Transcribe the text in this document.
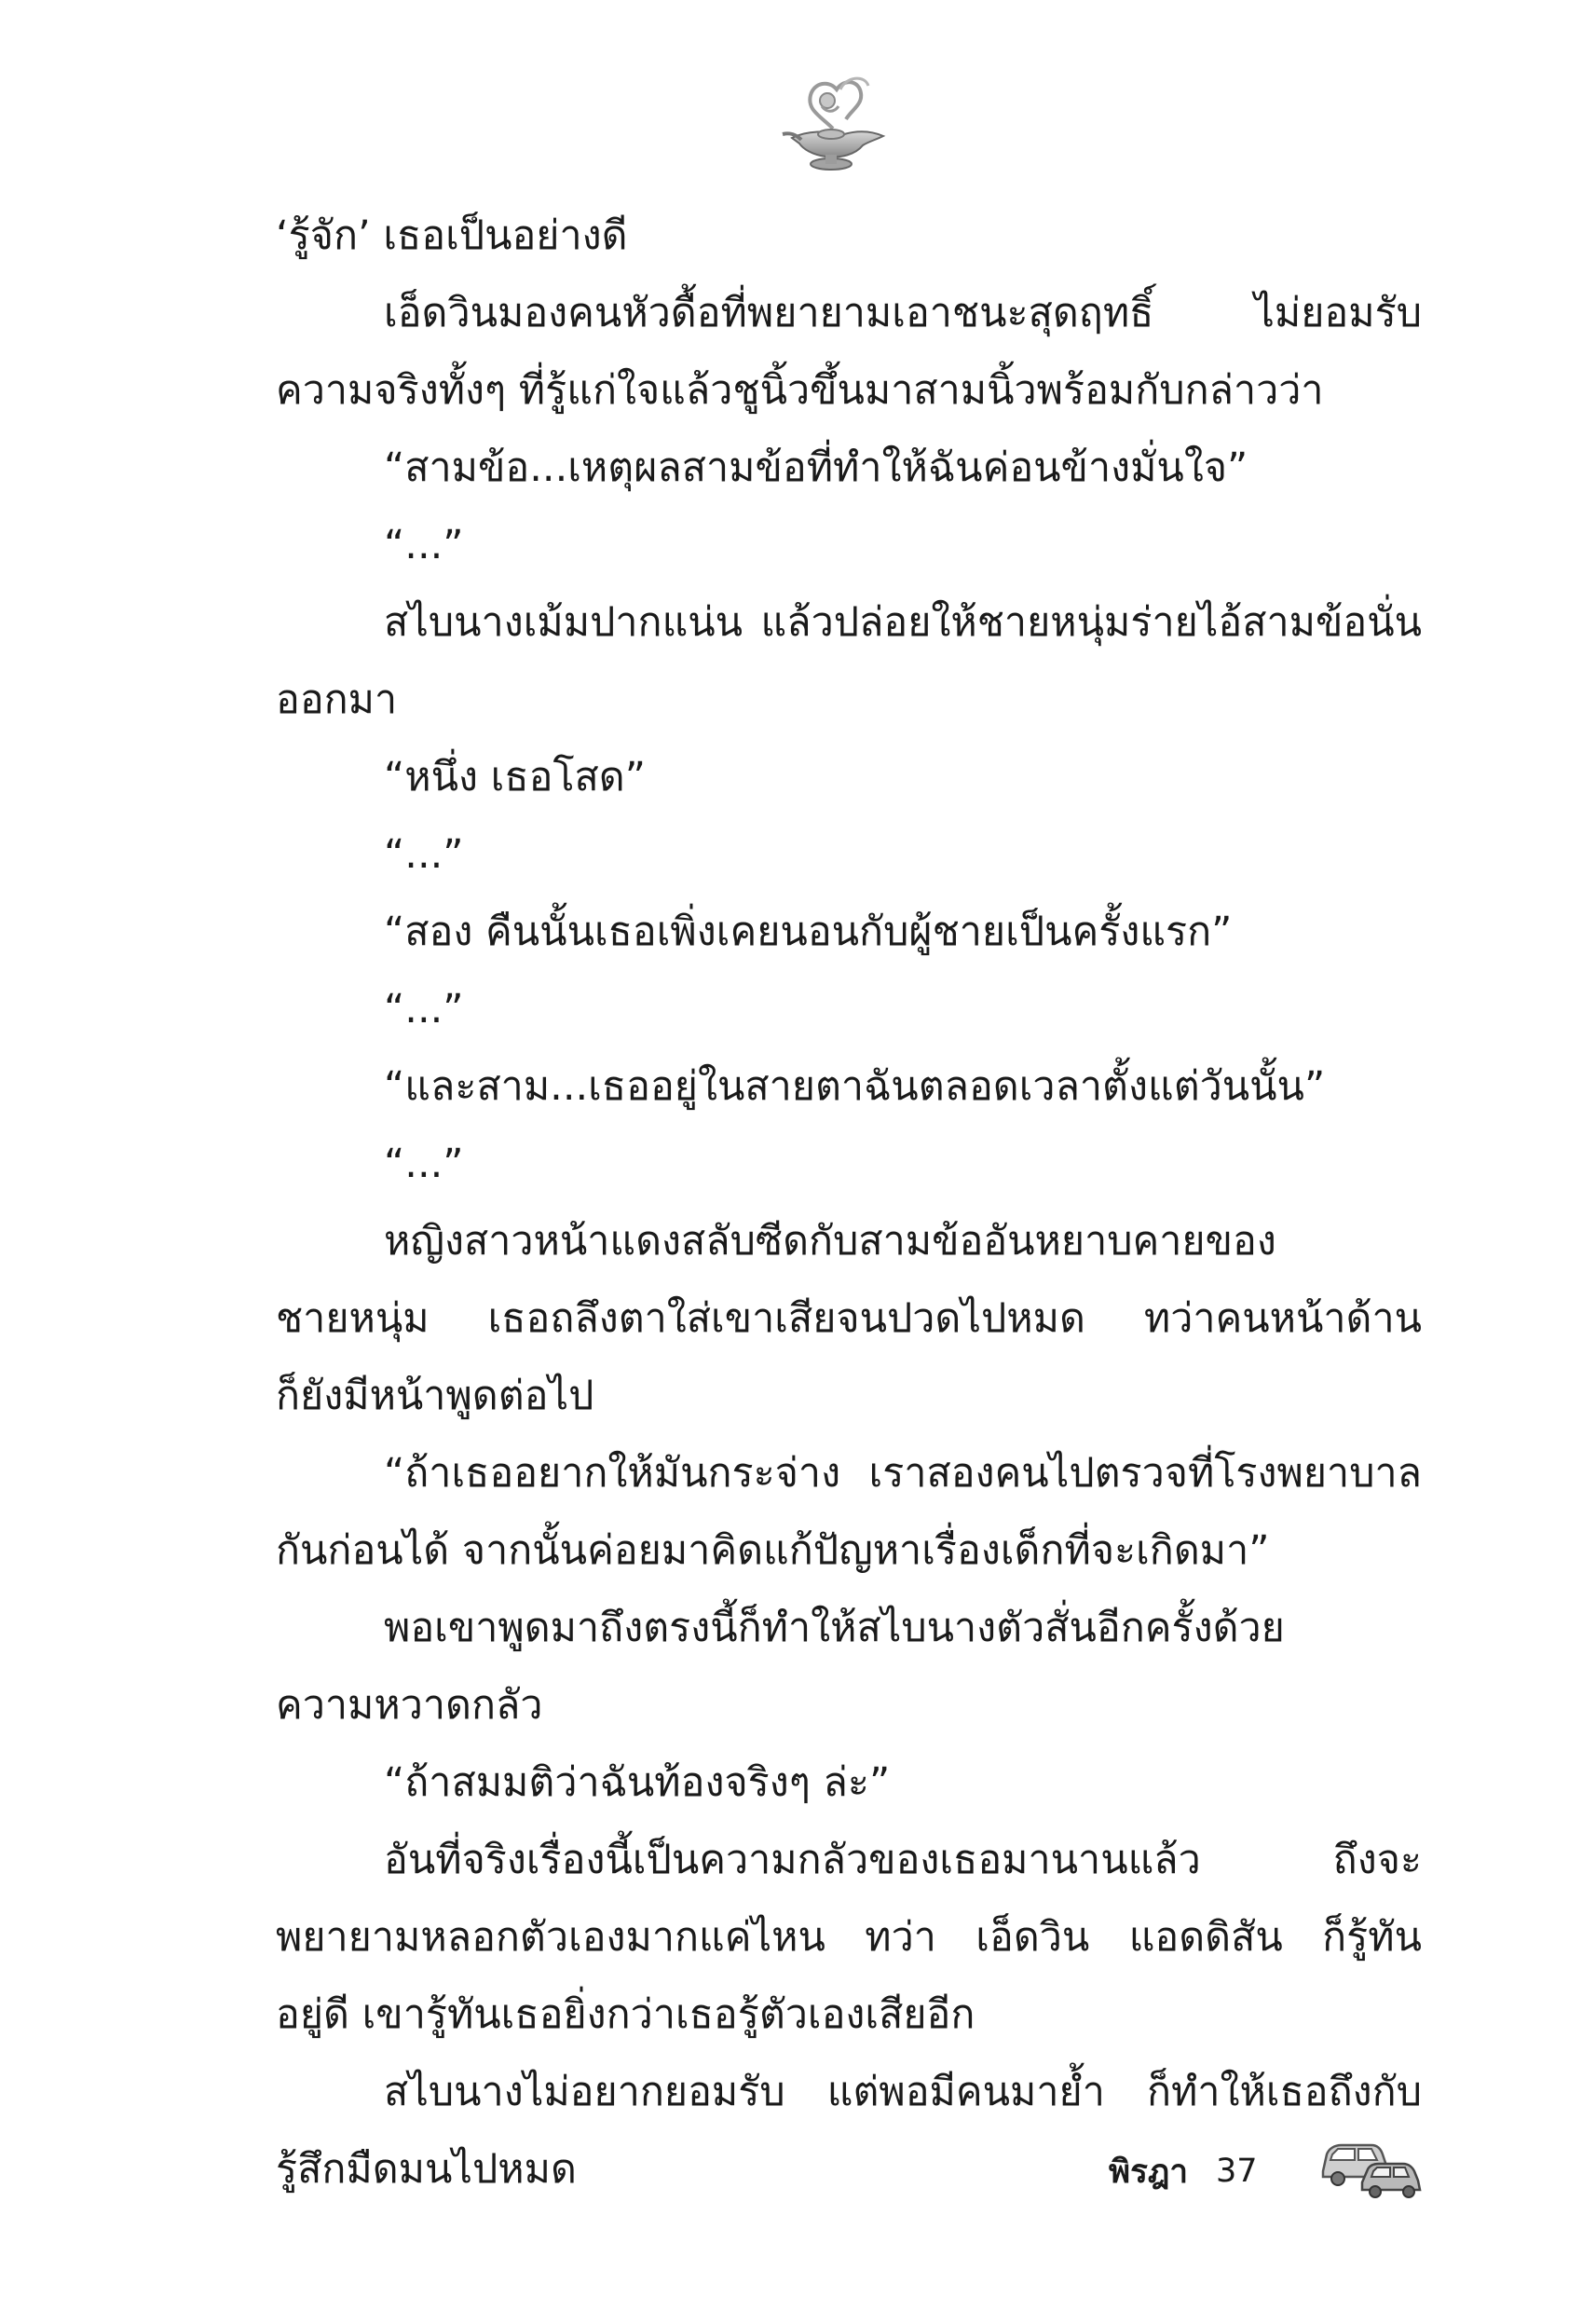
‘รู้จัก’ เธอเป็นอย่างดี
เอ็ดวินมองคนหัวดื้อที่พยายามเอาชนะสุดฤทธิ์ ไม่ยอมรับ
ความจริงทั้งๆ ที่รู้แก่ใจแล้วชูนิ้วขึ้นมาสามนิ้วพร้อมกับกล่าวว่า
“สามข้อ...เหตุผลสามข้อที่ทำให้ฉันค่อนข้างมั่นใจ”
“...”
สไบนางเม้มปากแน่น แล้วปล่อยให้ชายหนุ่มร่ายไอ้สามข้อนั่น
ออกมา
“หนึ่ง เธอโสด”
“...”
“สอง คืนนั้นเธอเพิ่งเคยนอนกับผู้ชายเป็นครั้งแรก”
“...”
“และสาม...เธออยู่ในสายตาฉันตลอดเวลาตั้งแต่วันนั้น”
“...”
หญิงสาวหน้าแดงสลับซีดกับสามข้ออันหยาบคายของ
ชายหนุ่ม เธอถลึงตาใส่เขาเสียจนปวดไปหมด ทว่าคนหน้าด้าน
ก็ยังมีหน้าพูดต่อไป
“ถ้าเธออยากให้มันกระจ่าง เราสองคนไปตรวจที่โรงพยาบาล
กันก่อนได้ จากนั้นค่อยมาคิดแก้ปัญหาเรื่องเด็กที่จะเกิดมา”
พอเขาพูดมาถึงตรงนี้ก็ทำให้สไบนางตัวสั่นอีกครั้งด้วย
ความหวาดกลัว
“ถ้าสมมติว่าฉันท้องจริงๆ ล่ะ”
อันที่จริงเรื่องนี้เป็นความกลัวของเธอมานานแล้ว ถึงจะ
พยายามหลอกตัวเองมากแค่ไหน ทว่า เอ็ดวิน แอดดิสัน ก็รู้ทัน
อยู่ดี เขารู้ทันเธอยิ่งกว่าเธอรู้ตัวเองเสียอีก
สไบนางไม่อยากยอมรับ แต่พอมีคนมาย้ำ ก็ทำให้เธอถึงกับ
รู้สึกมืดมนไปหมด	พิรฎา 37
